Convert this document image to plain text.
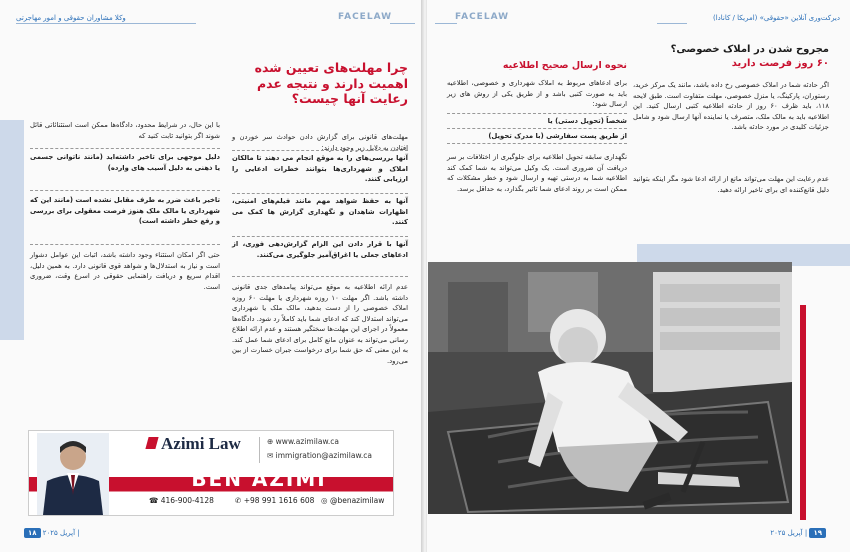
وکلا مشاوران حقوقی و امور مهاجرتی	FACELAW
چرا مهلت‌های تعیین شده اهمیت دارند و نتیجه عدم رعایت آنها چیست؟
مهلت‌های قانونی برای گزارش دادن حوادث سر خوردن و افتادن به دلایل زیر وجود دارند:
آنها بررسی‌های را به موقع انجام می‌ دهند تا مالکان املاک و شهرداری‌ها بتوانند خطرات ادعایی را ارزیابی کنند.
آنها به حفظ شواهد مهم مانند فیلم‌های امنیتی، اظهارات شاهدان و نگهداری گزارش ها کمک می کنند.
آنها با قرار دادن این الزام گزارش‌دهی فوری، از ادعاهای جعلی یا اغراق‌آمیز جلوگیری می‌کنند.
عدم ارائه اطلاعیه به موقع می‌تواند پیامدهای جدی قانونی داشته باشد. اگر مهلت ۱۰ روزه شهرداری یا مهلت ۶۰ روزه املاک خصوصی را از دست بدهید، مالک ملک یا شهرداری می‌تواند استدلال کند که ادعای شما باید کاملاً رد شود. دادگاه‌ها معمولاً در اجرای این مهلت‌ها سختگیر هستند و عدم ارائه اطلاع رسانی می‌تواند به عنوان مانع کامل برای ادعای شما عمل کند. به این معنی که حق شما برای درخواست جبران خسارت از بین می‌رود.
با این حال، در شرایط محدود، دادگاه‌ها ممکن است استثنائاتی قائل شوند اگر بتوانید ثابت کنید که
دلیل موجهی برای تاخیر داشته‌اید (مانند ناتوانی جسمی یا ذهنی به دلیل آسیب های وارده)
تاخیر باعث ضرر به طرف مقابل نشده است (مانند این که شهرداری یا مالک ملک هنوز فرصت معقولی برای بررسی و رفع خطر داشته است)
حتی اگر امکان استثناء وجود داشته باشد، اثبات این عوامل دشوار است و نیاز به استدلال‌ها و شواهد قوی قانونی دارد. به همین دلیل، اقدام سریع و دریافت راهنمایی حقوقی در اسرع وقت، ضروری است.
Azimi Law	⊕ www.azimilaw.ca
✉ immigration@azimilaw.ca
BEN AZIMI
☎ 416-900-4128	✆ +98 991 1616 608 ◎ @benazimilaw
۱۸ آپریل ۲۰۲۵ |
FACELAW	دیرکت‌وری آنلاین «حقوقی» (امریکا / کانادا)
مجروح شدن در املاک خصوصی؟
۶۰ روز فرصت دارید
اگر حادثه شما در املاک خصوصی رخ داده باشد، مانند یک مرکز خرید، رستوران، پارکینگ، یا منزل خصوصی، مهلت متفاوت است. طبق لایحه ۱۱۸، باید ظرف ۶۰ روز از حادثه اطلاعیه کتبی ارسال کنید. این اطلاعیه باید به مالک ملک، متصرف یا نماینده آنها ارسال شود و شامل جزئیات کلیدی در مورد حادثه باشد.
عدم رعایت این مهلت می‌تواند مانع از ارائه ادعا شود مگر اینکه بتوانید دلیل قانع‌کننده ای برای تاخیر ارائه دهید.
نحوه ارسال صحیح اطلاعیه
برای ادعاهای مربوط به املاک شهرداری و خصوصی، اطلاعیه باید به صورت کتبی باشد و از طریق یکی از روش های زیر ارسال شود:
شخصاً (تحویل دستی) یا
از طریق پست سفارشی (با مدرک تحویل)
نگهداری سابقه تحویل اطلاعیه برای جلوگیری از اختلافات بر سر دریافت آن ضروری است. یک وکیل می‌تواند به شما کمک کند اطلاعیه شما به درستی تهیه و ارسال شود و خطر مشکلات که ممکن است بر روند ادعای شما تاثیر بگذارد، به حداقل برسد.
آپریل ۲۰۲۵ | ۱۹
